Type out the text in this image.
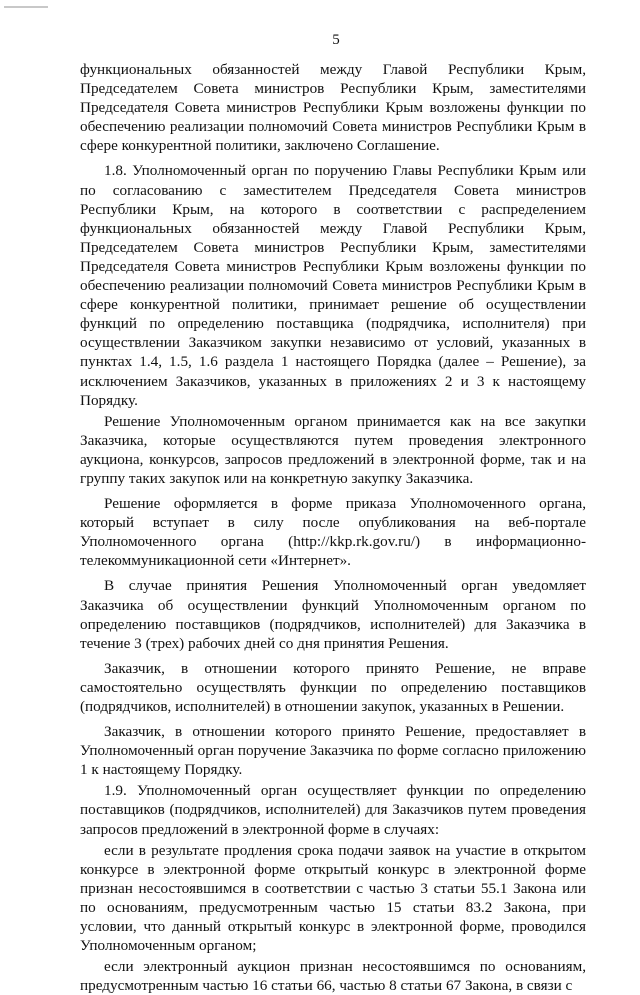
5

функциональных обязанностей между Главой Республики Крым, Председателем Совета министров Республики Крым, заместителями Председателя Совета министров Республики Крым возложены функции по обеспечению реализации полномочий Совета министров Республики Крым в сфере конкурентной политики, заключено Соглашение.

1.8. Уполномоченный орган по поручению Главы Республики Крым или по согласованию с заместителем Председателя Совета министров Республики Крым, на которого в соответствии с распределением функциональных обязанностей между Главой Республики Крым, Председателем Совета министров Республики Крым, заместителями Председателя Совета министров Республики Крым возложены функции по обеспечению реализации полномочий Совета министров Республики Крым в сфере конкурентной политики, принимает решение об осуществлении функций по определению поставщика (подрядчика, исполнителя) при осуществлении Заказчиком закупки независимо от условий, указанных в пунктах 1.4, 1.5, 1.6 раздела 1 настоящего Порядка (далее – Решение), за исключением Заказчиков, указанных в приложениях 2 и 3 к настоящему Порядку.

Решение Уполномоченным органом принимается как на все закупки Заказчика, которые осуществляются путем проведения электронного аукциона, конкурсов, запросов предложений в электронной форме, так и на группу таких закупок или на конкретную закупку Заказчика.

Решение оформляется в форме приказа Уполномоченного органа, который вступает в силу после опубликования на веб-портале Уполномоченного органа (http://kkp.rk.gov.ru/) в информационно-телекоммуникационной сети «Интернет».

В случае принятия Решения Уполномоченный орган уведомляет Заказчика об осуществлении функций Уполномоченным органом по определению поставщиков (подрядчиков, исполнителей) для Заказчика в течение 3 (трех) рабочих дней со дня принятия Решения.

Заказчик, в отношении которого принято Решение, не вправе самостоятельно осуществлять функции по определению поставщиков (подрядчиков, исполнителей) в отношении закупок, указанных в Решении.

Заказчик, в отношении которого принято Решение, предоставляет в Уполномоченный орган поручение Заказчика по форме согласно приложению 1 к настоящему Порядку.

1.9. Уполномоченный орган осуществляет функции по определению поставщиков (подрядчиков, исполнителей) для Заказчиков путем проведения запросов предложений в электронной форме в случаях:

если в результате продления срока подачи заявок на участие в открытом конкурсе в электронной форме открытый конкурс в электронной форме признан несостоявшимся в соответствии с частью 3 статьи 55.1 Закона или по основаниям, предусмотренным частью 15 статьи 83.2 Закона, при условии, что данный открытый конкурс в электронной форме, проводился Уполномоченным органом;

если электронный аукцион признан несостоявшимся по основаниям, предусмотренным частью 16 статьи 66, частью 8 статьи 67 Закона, в связи с
